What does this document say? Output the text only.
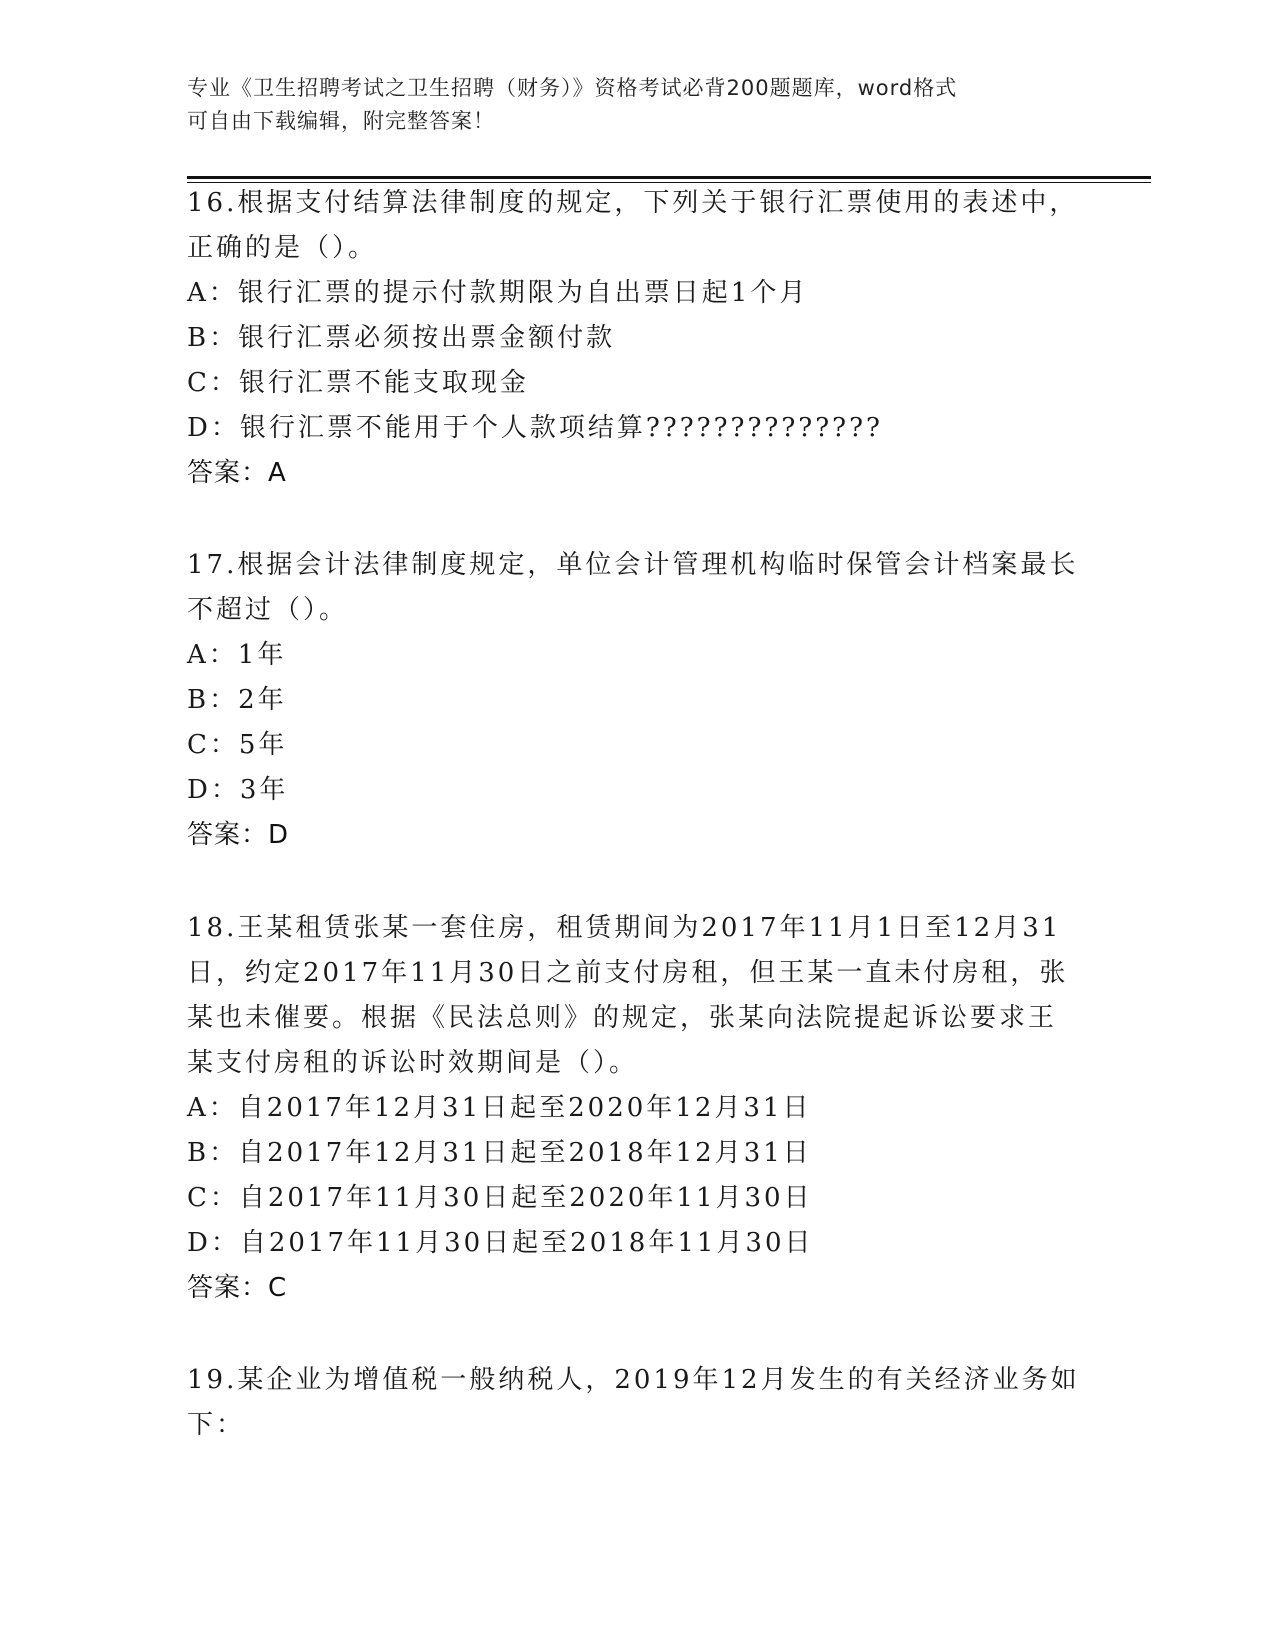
专业《卫生招聘考试之卫生招聘（财务）》资格考试必背200题题库，word格式

可自由下载编辑，附完整答案！

16.根据支付结算法律制度的规定，下列关于银行汇票使用的表述中，
正确的是（）。
A：银行汇票的提示付款期限为自出票日起1个月
B：银行汇票必须按出票金额付款
C：银行汇票不能支取现金
D：银行汇票不能用于个人款项结算??????????????
答案：A
17.根据会计法律制度规定，单位会计管理机构临时保管会计档案最长
不超过（）。
A：1年
B：2年
C：5年
D：3年
答案：D
18.王某租赁张某一套住房，租赁期间为2017年11月1日至12月31
日，约定2017年11月30日之前支付房租，但王某一直未付房租，张
某也未催要。根据《民法总则》的规定，张某向法院提起诉讼要求王
某支付房租的诉讼时效期间是（）。
A：自2017年12月31日起至2020年12月31日
B：自2017年12月31日起至2018年12月31日
C：自2017年11月30日起至2020年11月30日
D：自2017年11月30日起至2018年11月30日
答案：C
19.某企业为增值税一般纳税人，2019年12月发生的有关经济业务如
下：
